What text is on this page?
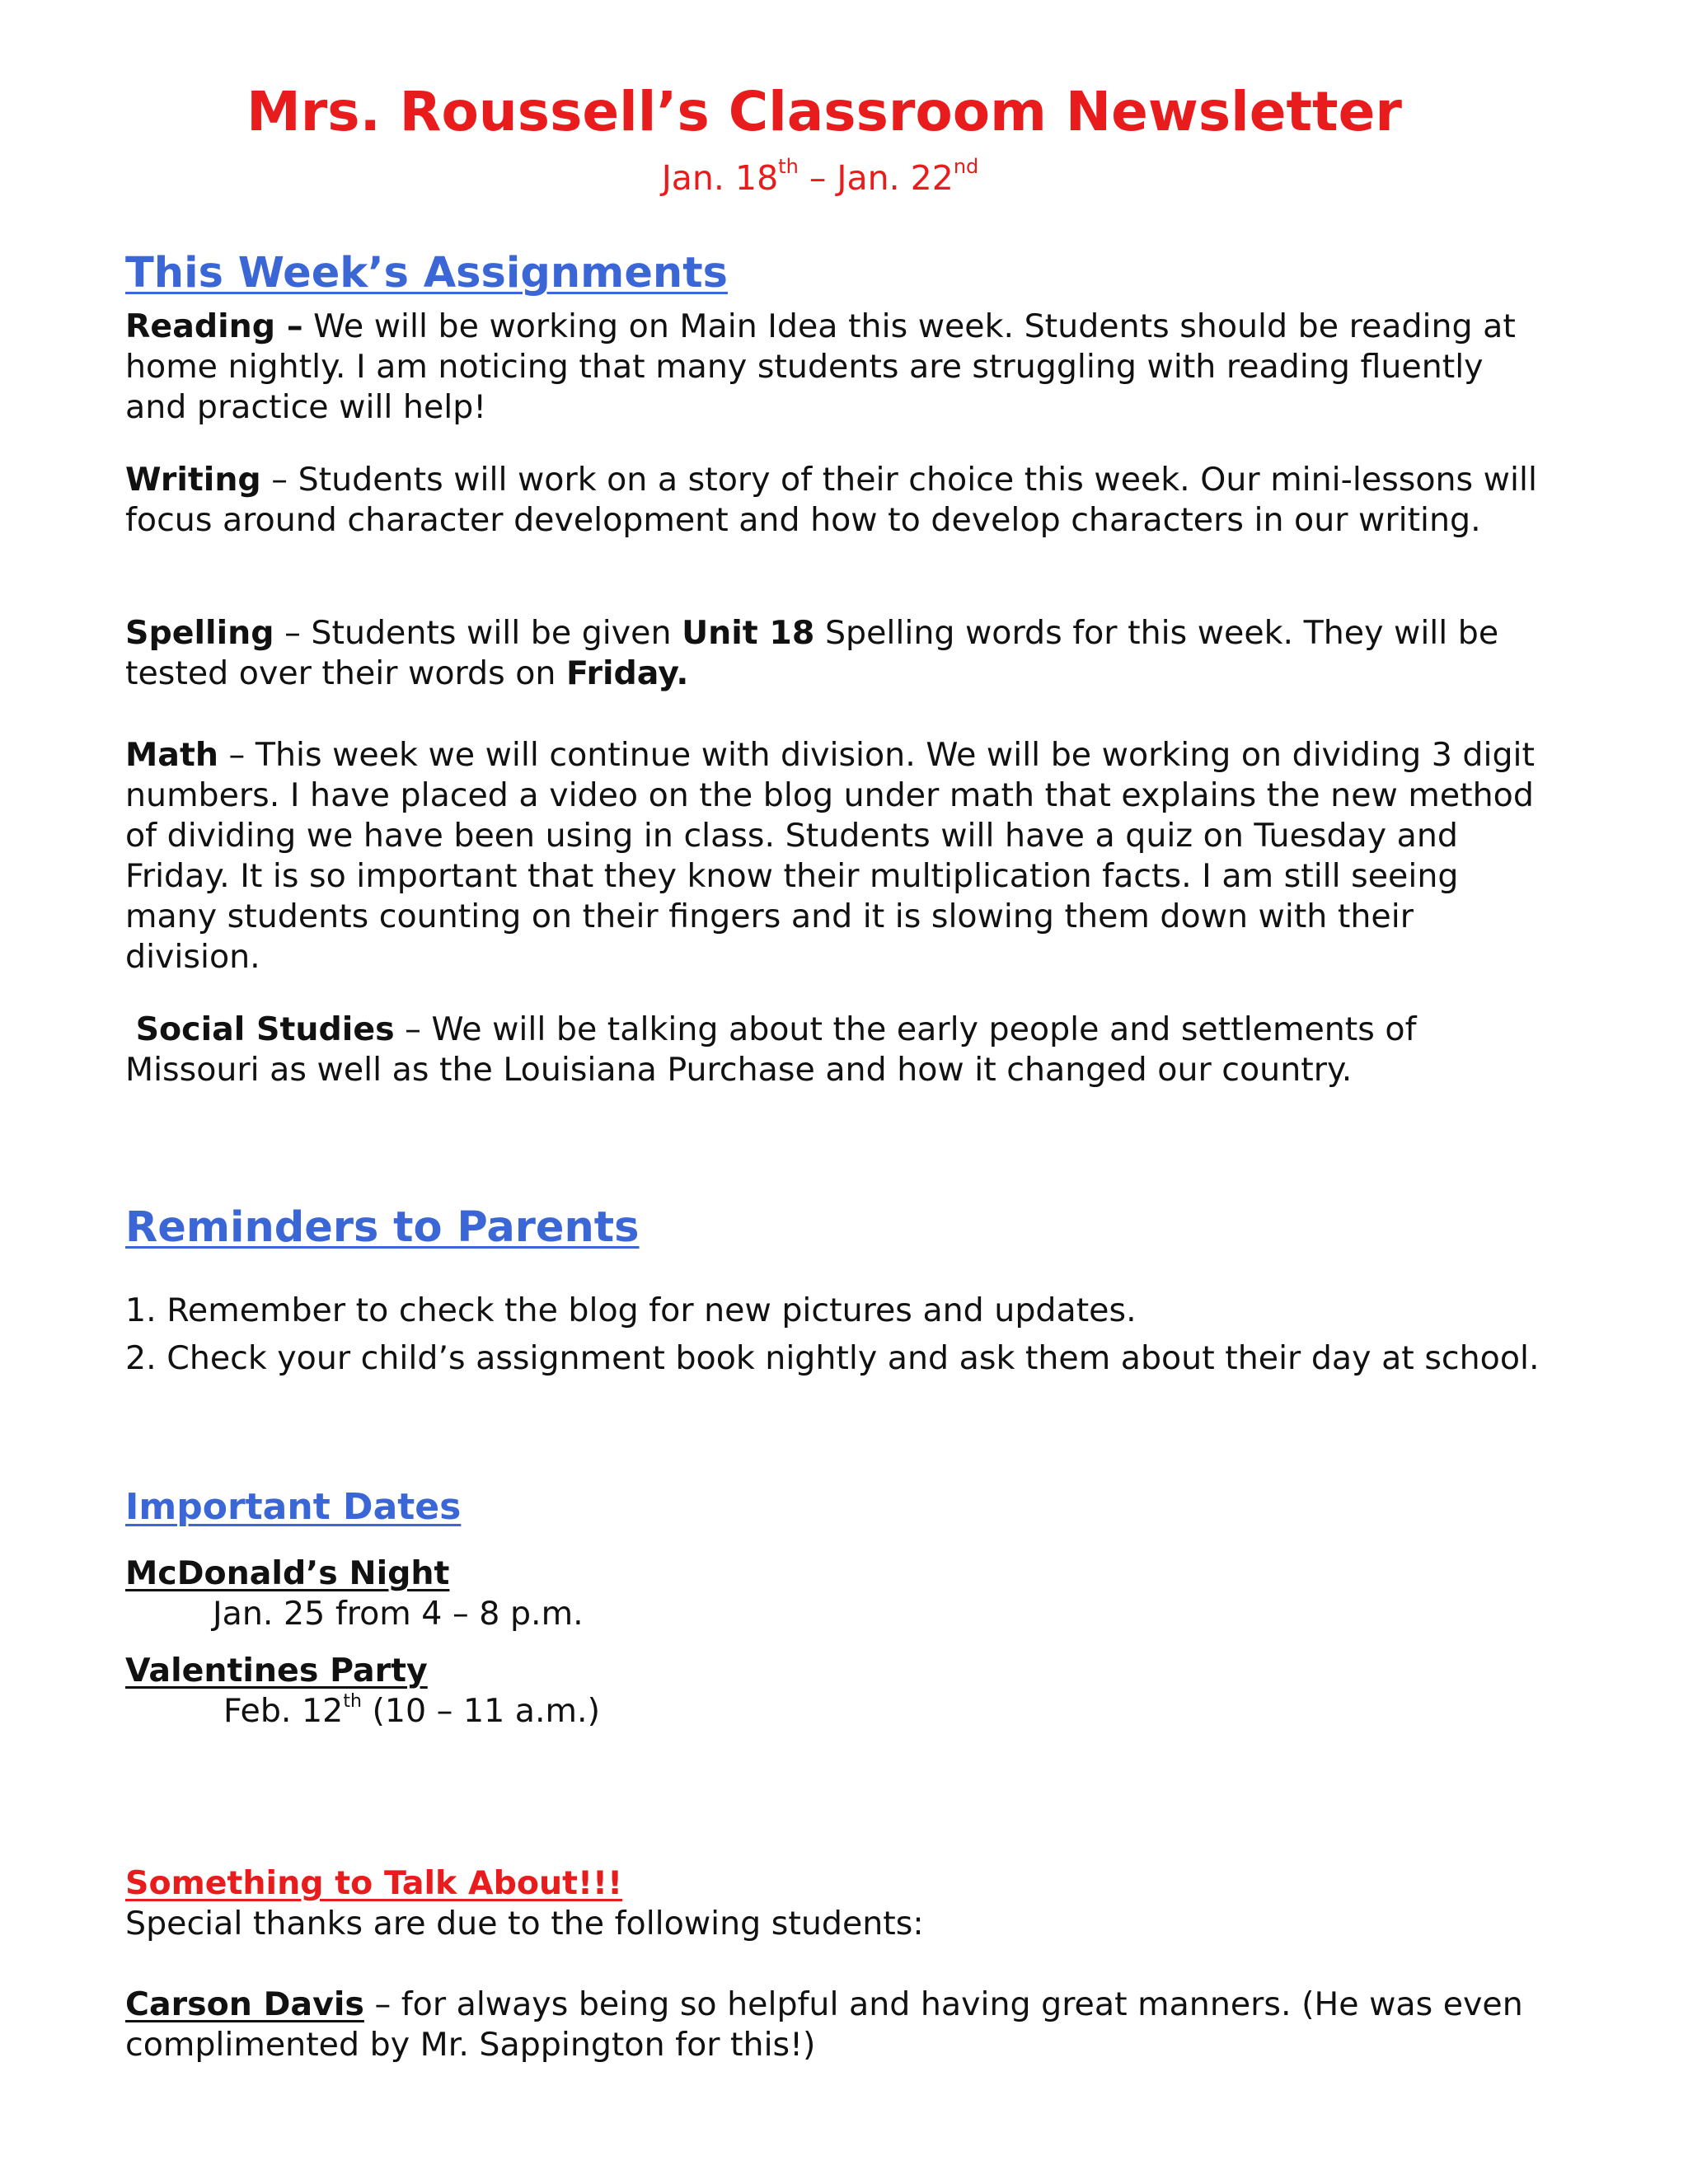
Mrs. Roussell’s Classroom Newsletter
Jan. 18th – Jan. 22nd
This Week’s Assignments

Reading – We will be working on Main Idea this week. Students should be reading at home nightly. I am noticing that many students are struggling with reading fluently and practice will help!

Writing – Students will work on a story of their choice this week. Our mini-lessons will focus around character development and how to develop characters in our writing.

Spelling – Students will be given Unit 18 Spelling words for this week. They will be tested over their words on Friday.

Math – This week we will continue with division. We will be working on dividing 3 digit numbers. I have placed a video on the blog under math that explains the new method of dividing we have been using in class. Students will have a quiz on Tuesday and Friday. It is so important that they know their multiplication facts. I am still seeing many students counting on their fingers and it is slowing them down with their division.

Social Studies – We will be talking about the early people and settlements of Missouri as well as the Louisiana Purchase and how it changed our country.

Reminders to Parents

1. Remember to check the blog for new pictures and updates.

2. Check your child’s assignment book nightly and ask them about their day at school.

Important Dates
McDonald’s Night
Jan. 25 from 4 – 8 p.m.
Valentines Party
Feb. 12th (10 – 11 a.m.)
Something to Talk About!!!
Special thanks are due to the following students:

Carson Davis – for always being so helpful and having great manners. (He was even complimented by Mr. Sappington for this!)
